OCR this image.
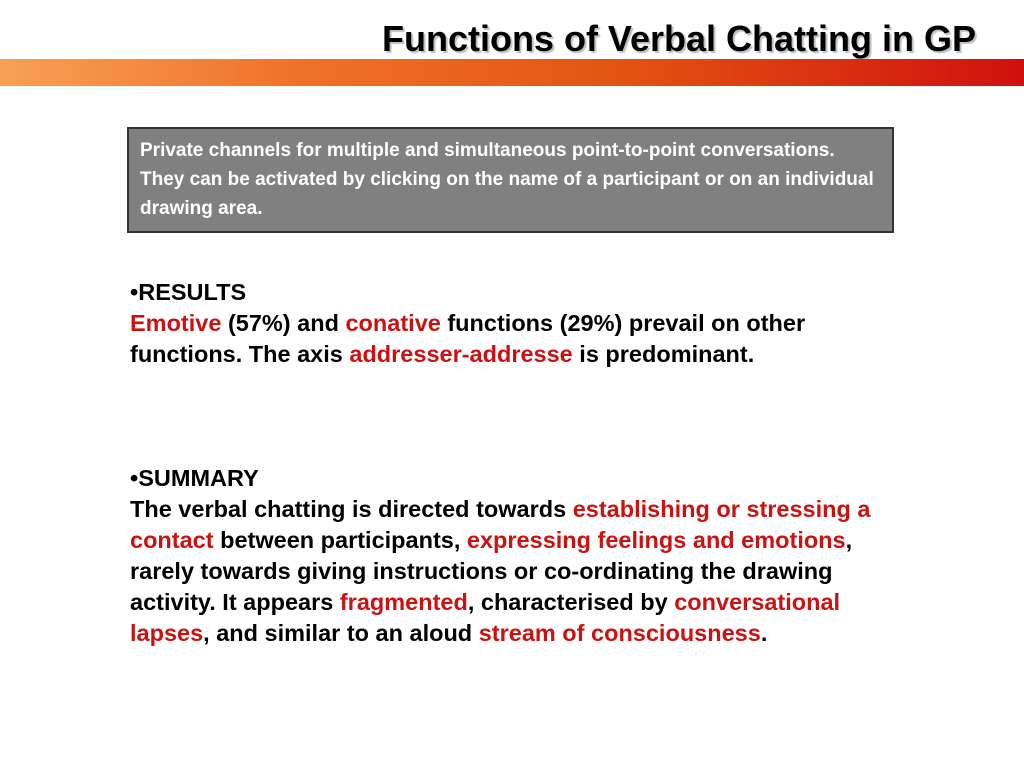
Functions of Verbal Chatting in GP
Private channels for multiple and simultaneous point-to-point conversations. They can be activated by clicking on the name of a participant or on an individual drawing area.
•RESULTS
Emotive (57%) and conative functions (29%) prevail on other functions. The axis addresser-addresse is predominant.
•SUMMARY
The verbal chatting is directed towards establishing or stressing a contact between participants, expressing feelings and emotions, rarely towards giving instructions or co-ordinating the drawing activity. It appears fragmented, characterised by conversational lapses, and similar to an aloud stream of consciousness.
